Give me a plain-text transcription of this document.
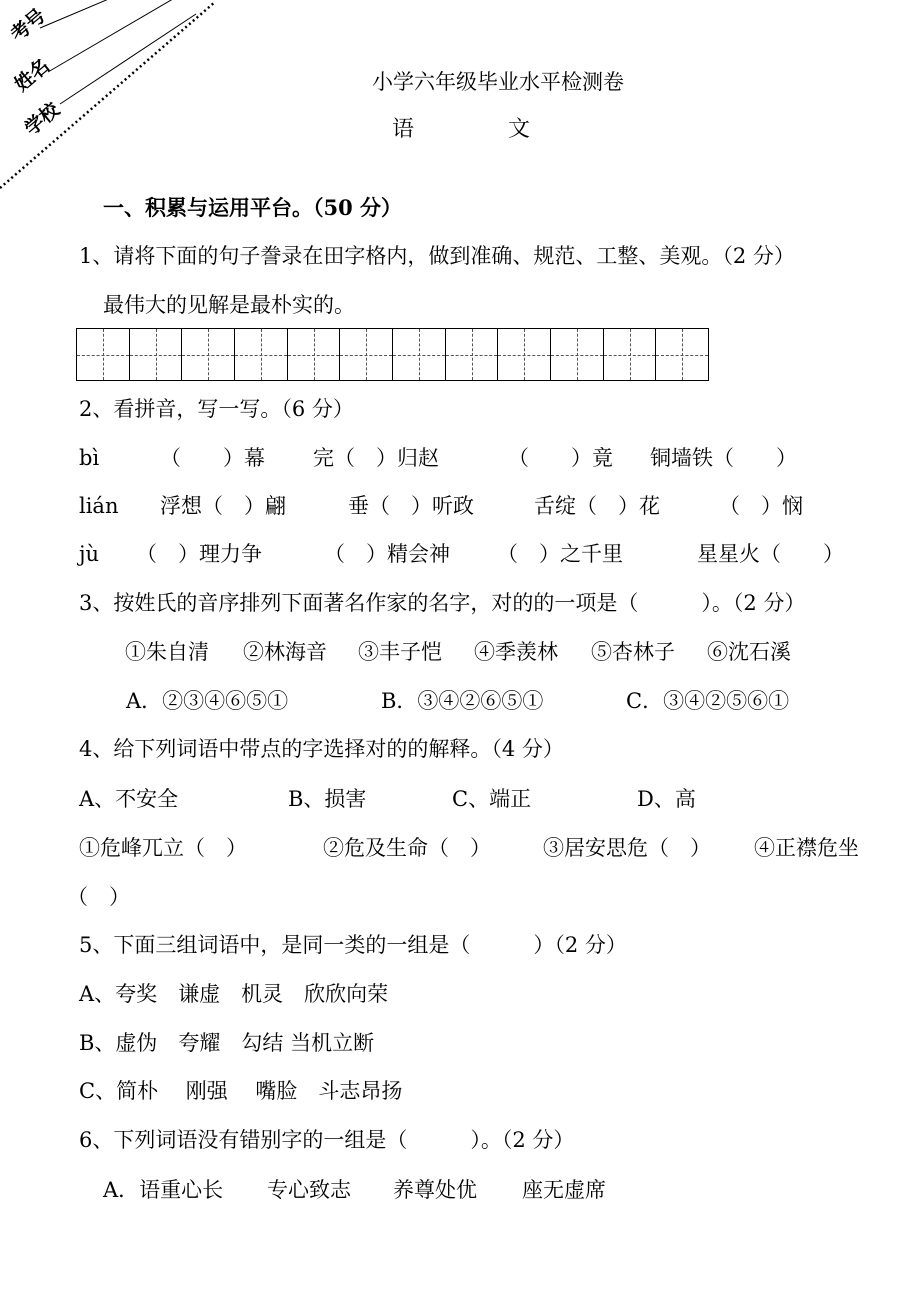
考号
姓名
学校
小学六年级毕业水平检测卷
语	文
一、积累与运用平台。（50 分）
1、请将下面的句子誊录在田字格内，做到准确、规范、工整、美观。（2 分）
最伟大的见解是最朴实的。
2、看拼音，写一写。（6 分）
bì	（　　）幕 完（　）归赵	（　　）竟 铜墙铁（　　）
lián 浮想（　）翩	垂（　）听政	舌绽（　）花	（　）悯
jù （　）理力争	（　）精会神 （　）之千里	星星火（　　）
3、按姓氏的音序排列下面著名作家的名字，对的的一项是（　　　）。（2 分）
①朱自清 ②林海音 ③丰子恺 ④季羡林 ⑤杏林子 ⑥沈石溪
A．②③④⑥⑤①	B．③④②⑥⑤①	C．③④②⑤⑥①
4、给下列词语中带点的字选择对的的解释。（4 分）
A、不安全	B、损害	C、端正	D、高
①危峰兀立（　）	②危及生命（　） ③居安思危（　） ④正襟危坐
（　）
5、下面三组词语中，是同一类的一组是（　　　）（2 分）
A、夸奖　谦虚　机灵　欣欣向荣
B、虚伪　夸耀　勾结 当机立断
C、简朴　 刚强　 嘴脸　斗志昂扬
6、下列词语没有错别字的一组是（　　　）。（2 分）
A．语重心长 专心致志 养尊处优 座无虚席
